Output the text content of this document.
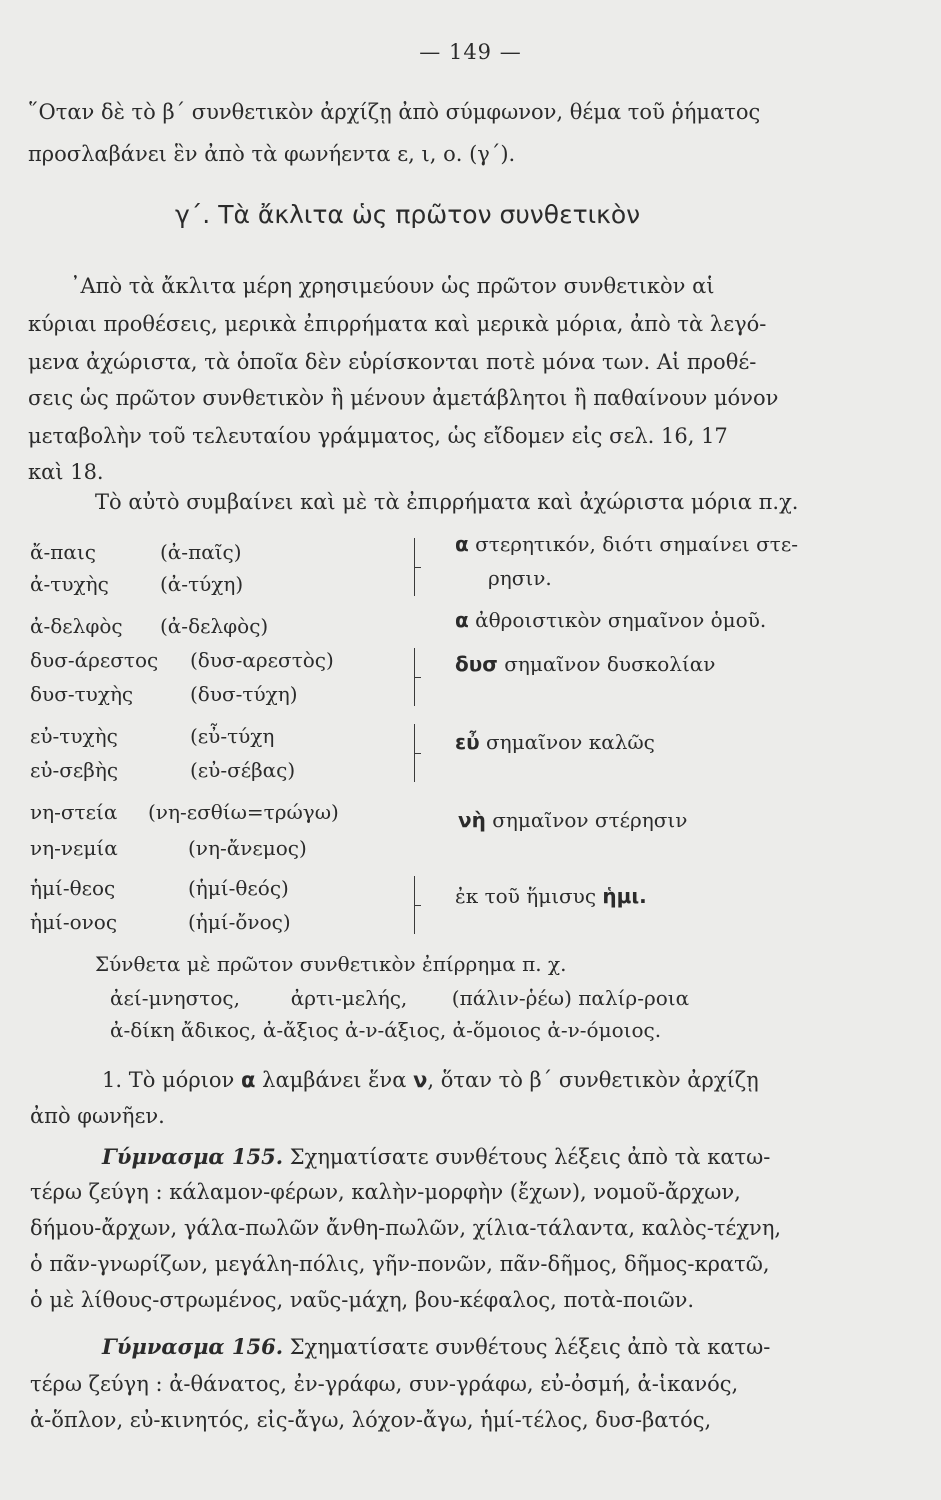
— 149 —
῞Οταν δὲ τὸ β΄ συνθετικὸν ἀρχίζῃ ἀπὸ σύμφωνον, θέμα τοῦ ῥήματος
προσλαβάνει ἓν ἀπὸ τὰ φωνήεντα ε, ι, ο. (γ΄).
γ΄. Τὰ ἄκλιτα ὡς πρῶτον συνθετικὸν
᾿Απὸ τὰ ἄκλιτα μέρη χρησιμεύουν ὡς πρῶτον συνθετικὸν αἱ
κύριαι προθέσεις, μερικὰ ἐπιρρήματα καὶ μερικὰ μόρια, ἀπὸ τὰ λεγό-
μενα ἀχώριστα, τὰ ὁποῖα δὲν εὑρίσκονται ποτὲ μόνα των. Αἱ προθέ-
σεις ὡς πρῶτον συνθετικὸν ἢ μένουν ἀμετάβλητοι ἢ παθαίνουν μόνον
μεταβολὴν τοῦ τελευταίου γράμματος, ὡς εἴδομεν εἰς σελ. 16, 17
καὶ 18.
Τὸ αὐτὸ συμβαίνει καὶ μὲ τὰ ἐπιρρήματα καὶ ἀχώριστα μόρια π.χ.
ἄ-παις	(ἀ-παῖς)
ἀ-τυχὴς	(ἀ-τύχη)
ἀ-δελφὸς (ἀ-δελφὸς)
δυσ-άρεστος (δυσ-αρεστὸς)
δυσ-τυχὴς	(δυσ-τύχη)
εὐ-τυχὴς	(εὖ-τύχη
εὐ-σεβὴς	(εὐ-σέβας)
νη-στεία (νη-εσθίω=τρώγω)
νη-νεμία	(νη-ἄνεμος)
ἡμί-θεος	(ἡμί-θεός)
ἡμί-ονος	(ἡμί-ὄνος)
α στερητικόν, διότι σημαίνει στε-
ρησιν.
α ἀθροιστικὸν σημαῖνον ὁμοῦ.
δυσ σημαῖνον δυσκολίαν
εὖ σημαῖνον καλῶς
νὴ σημαῖνον στέρησιν
ἐκ τοῦ ἥμισυς ἡμι.
Σύνθετα μὲ πρῶτον συνθετικὸν ἐπίρρημα π. χ.
ἀεί-μνηστος,        ἀρτι-μελής,       (πάλιν-ῥέω) παλίρ-ροια
ἀ-δίκη ἄδικος, ἀ-ἄξιος ἀ-ν-άξιος, ἀ-ὅμοιος ἀ-ν-όμοιος.
1. Τὸ μόριον α λαμβάνει ἕνα ν, ὅταν τὸ β΄ συνθετικὸν ἀρχίζῃ
ἀπὸ φωνῆεν.
Γύμνασμα 155. Σχηματίσατε συνθέτους λέξεις ἀπὸ τὰ κατω-
τέρω ζεύγη : κάλαμον-φέρων, καλὴν-μορφὴν (ἔχων), νομοῦ-ἄρχων,
δήμου-ἄρχων, γάλα-πωλῶν ἄνθη-πωλῶν, χίλια-τάλαντα, καλὸς-τέχνη,
ὁ πᾶν-γνωρίζων, μεγάλη-πόλις, γῆν-πονῶν, πᾶν-δῆμος, δῆμος-κρατῶ,
ὁ μὲ λίθους-στρωμένος, ναῦς-μάχη, βου-κέφαλος, ποτὰ-ποιῶν.
Γύμνασμα 156. Σχηματίσατε συνθέτους λέξεις ἀπὸ τὰ κατω-
τέρω ζεύγη : ἀ-θάνατος, ἐν-γράφω, συν-γράφω, εὐ-ὀσμή, ἀ-ἱκανός,
ἀ-ὅπλον, εὐ-κινητός, εἰς-ἄγω, λόχον-ἄγω, ἡμί-τέλος, δυσ-βατός,
